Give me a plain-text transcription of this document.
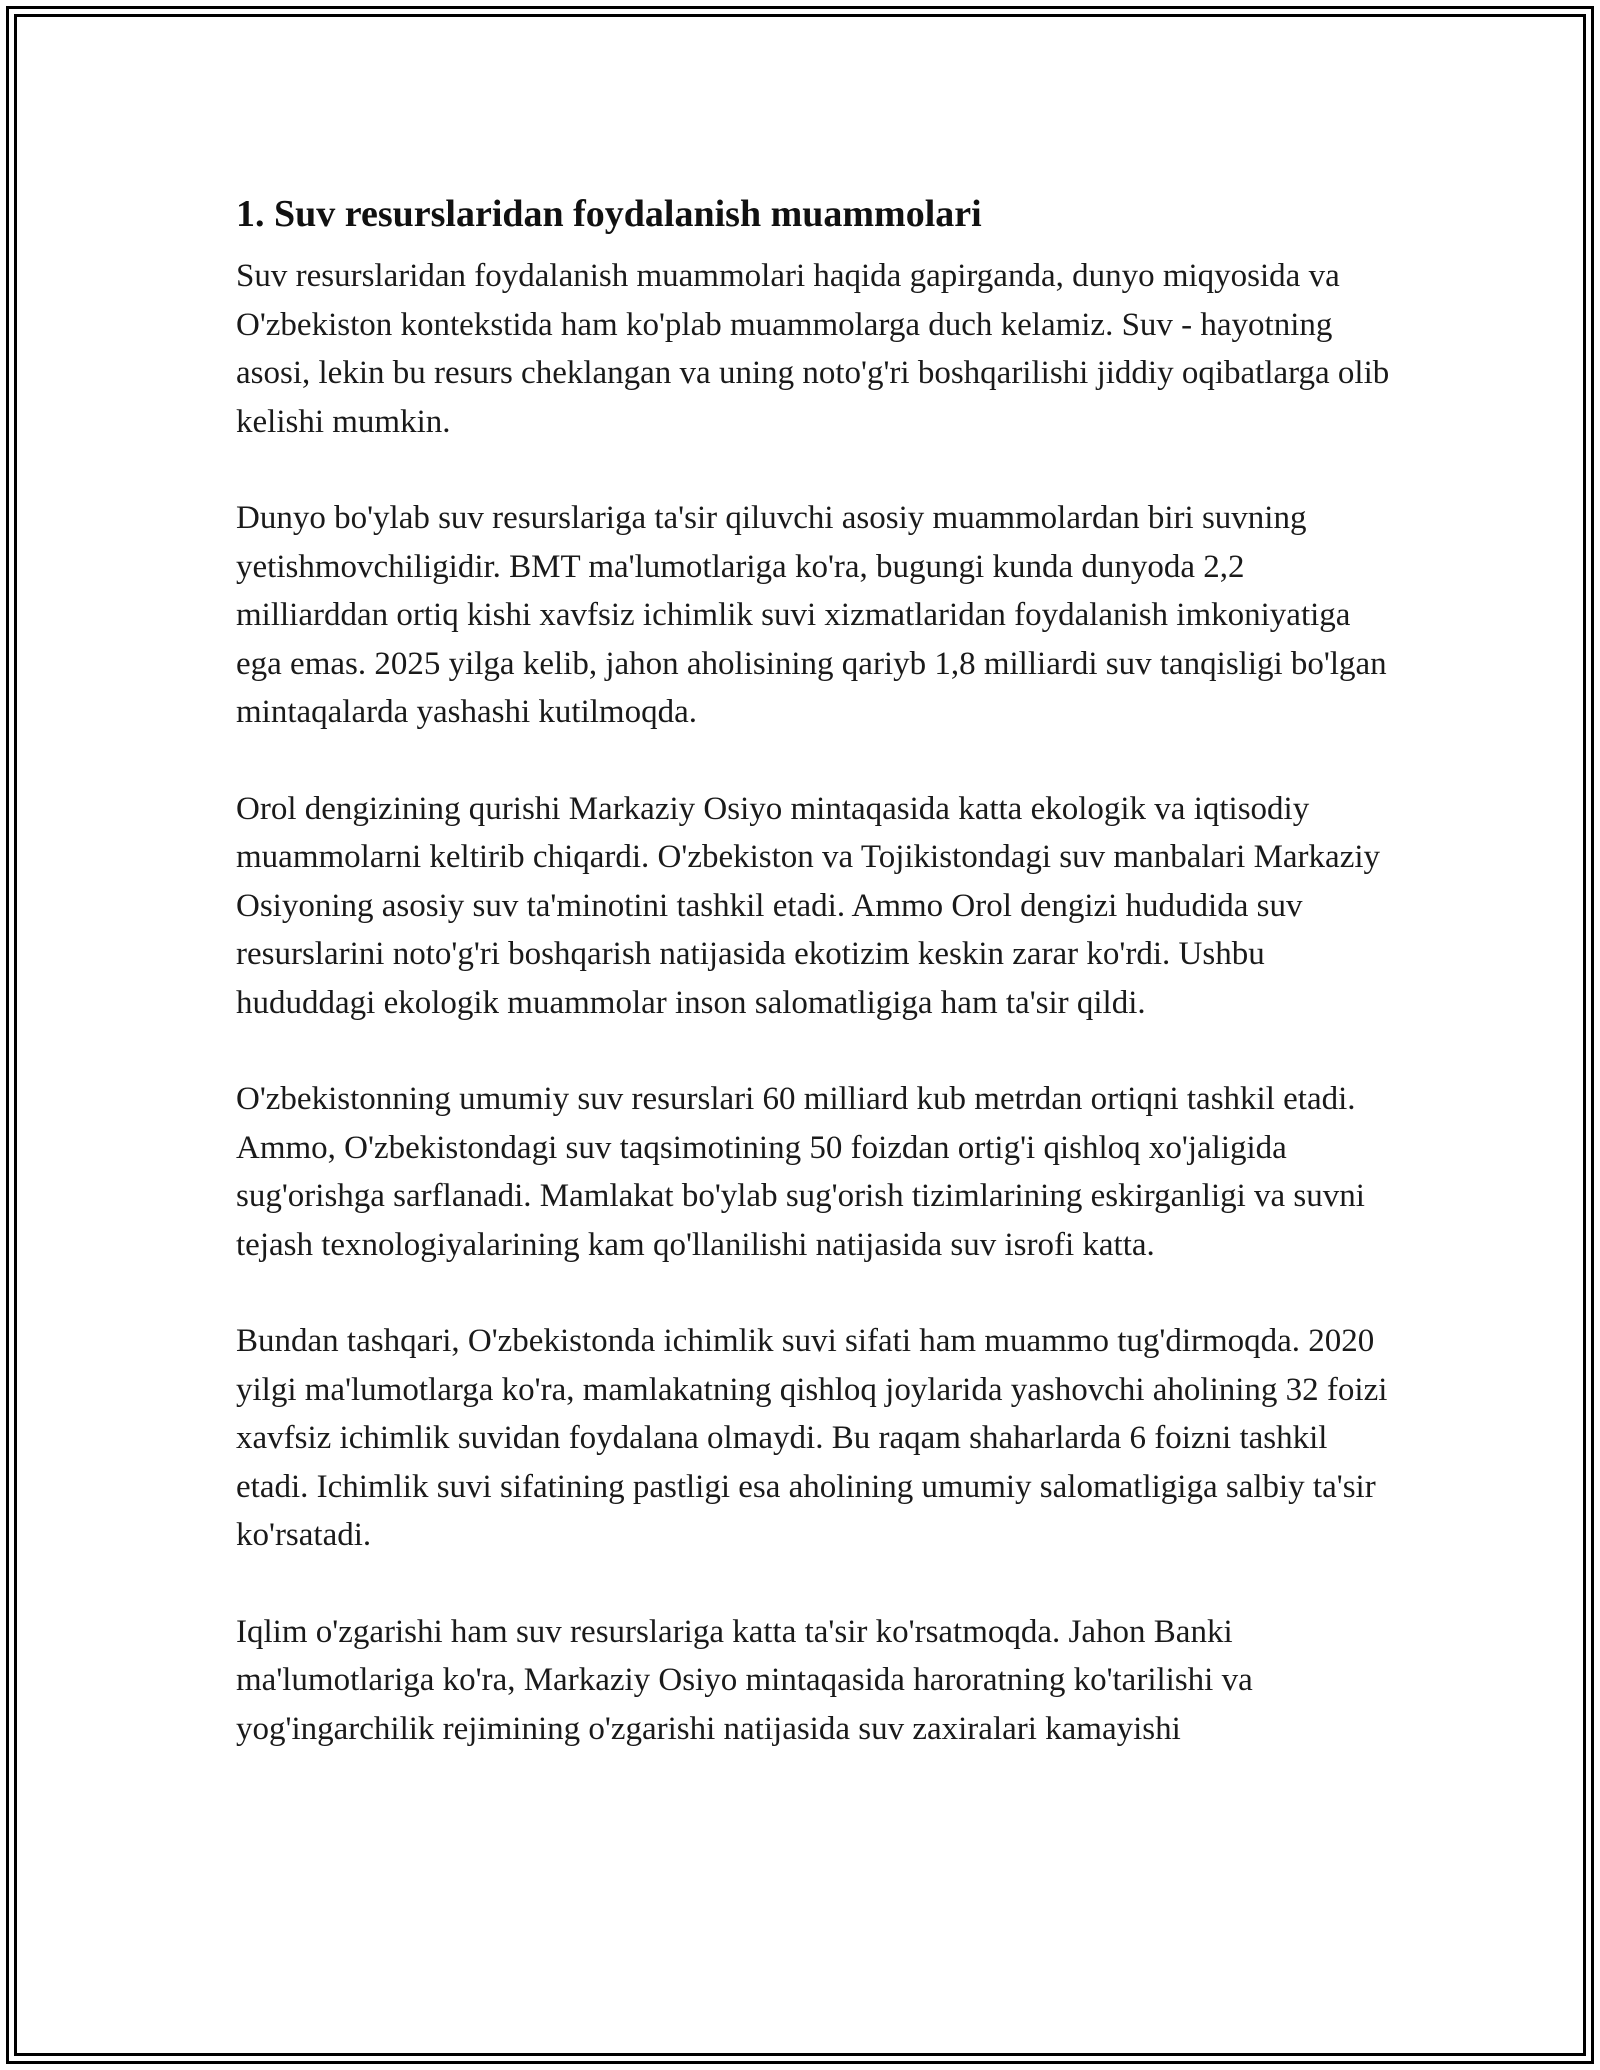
1. Suv resurslaridan foydalanish muammolari

Suv resurslaridan foydalanish muammolari haqida gapirganda, dunyo miqyosida va O'zbekiston kontekstida ham ko'plab muammolarga duch kelamiz. Suv - hayotning asosi, lekin bu resurs cheklangan va uning noto'g'ri boshqarilishi jiddiy oqibatlarga olib kelishi mumkin.

Dunyo bo'ylab suv resurslariga ta'sir qiluvchi asosiy muammolardan biri suvning yetishmovchiligidir. BMT ma'lumotlariga ko'ra, bugungi kunda dunyoda 2,2 milliarddan ortiq kishi xavfsiz ichimlik suvi xizmatlaridan foydalanish imkoniyatiga ega emas. 2025 yilga kelib, jahon aholisining qariyb 1,8 milliardi suv tanqisligi bo'lgan mintaqalarda yashashi kutilmoqda.

Orol dengizining qurishi Markaziy Osiyo mintaqasida katta ekologik va iqtisodiy muammolarni keltirib chiqardi. O'zbekiston va Tojikistondagi suv manbalari Markaziy Osiyoning asosiy suv ta'minotini tashkil etadi. Ammo Orol dengizi hududida suv resurslarini noto'g'ri boshqarish natijasida ekotizim keskin zarar ko'rdi. Ushbu hududdagi ekologik muammolar inson salomatligiga ham ta'sir qildi.

O'zbekistonning umumiy suv resurslari 60 milliard kub metrdan ortiqni tashkil etadi. Ammo, O'zbekistondagi suv taqsimotining 50 foizdan ortig'i qishloq xo'jaligida sug'orishga sarflanadi. Mamlakat bo'ylab sug'orish tizimlarining eskirganligi va suvni tejash texnologiyalarining kam qo'llanilishi natijasida suv isrofi katta.

Bundan tashqari, O'zbekistonda ichimlik suvi sifati ham muammo tug'dirmoqda. 2020 yilgi ma'lumotlarga ko'ra, mamlakatning qishloq joylarida yashovchi aholining 32 foizi xavfsiz ichimlik suvidan foydalana olmaydi. Bu raqam shaharlarda 6 foizni tashkil etadi. Ichimlik suvi sifatining pastligi esa aholining umumiy salomatligiga salbiy ta'sir ko'rsatadi.

Iqlim o'zgarishi ham suv resurslariga katta ta'sir ko'rsatmoqda. Jahon Banki ma'lumotlariga ko'ra, Markaziy Osiyo mintaqasida haroratning ko'tarilishi va yog'ingarchilik rejimining o'zgarishi natijasida suv zaxiralari kamayishi
